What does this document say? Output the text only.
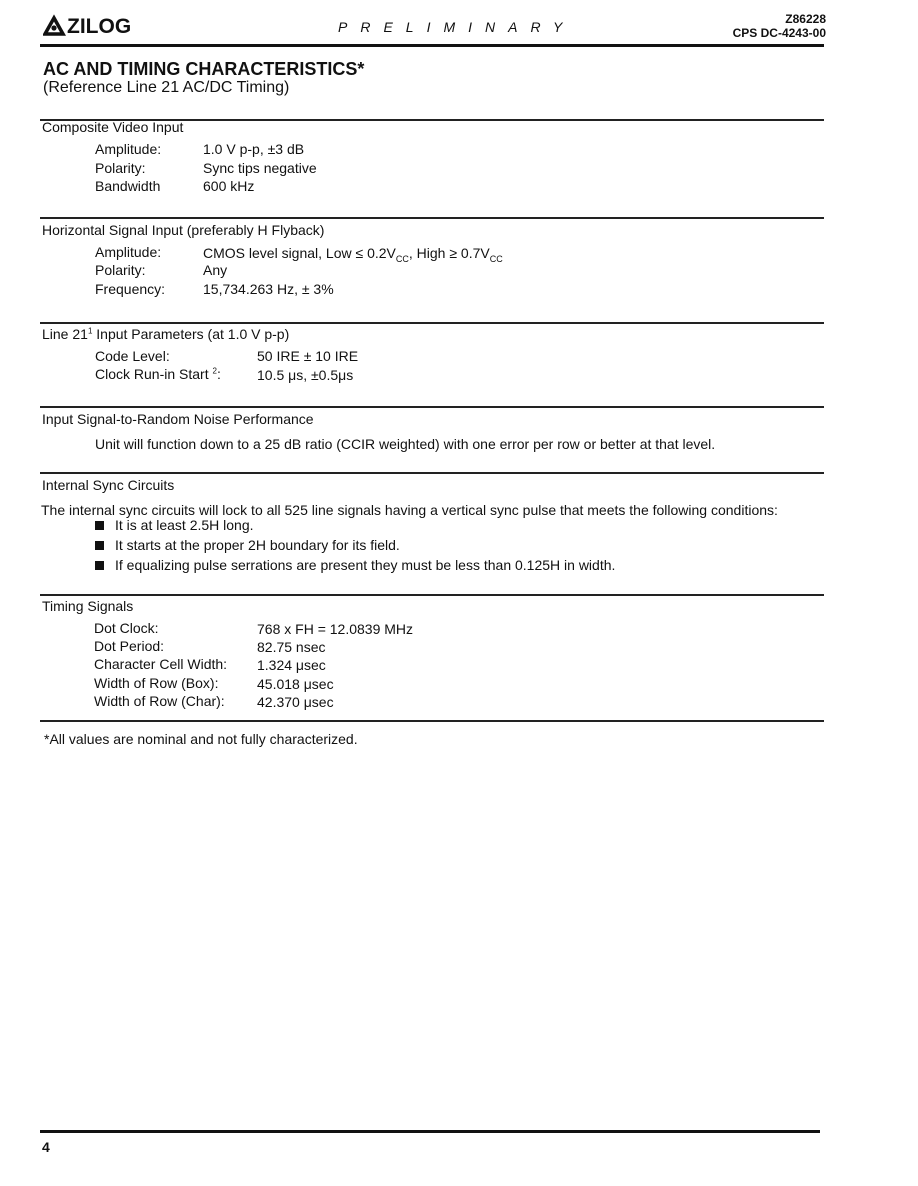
ZILOG	PRELIMINARY	Z86228
CPS DC-4243-00
AC AND TIMING CHARACTERISTICS*
(Reference Line 21 AC/DC Timing)
Composite Video Input
Amplitude:	1.0 V p-p, ±3 dB
Polarity:	Sync tips negative
Bandwidth	600 kHz
Horizontal Signal Input (preferably H Flyback)
Amplitude:	CMOS level signal, Low ≤ $0.2V_{CC}$, High ≥ $0.7V_{CC}$
Polarity:	Any
Frequency:	15,734.263 Hz, ± 3%
Line $21^1$ Input Parameters (at 1.0 V p-p)
Code Level:	50 IRE ± 10 IRE
Clock Run-in Start $^2$:	10.5 μs, ±0.5μs
Input Signal-to-Random Noise Performance
Unit will function down to a 25 dB ratio (CCIR weighted) with one error per row or better at that level.
Internal Sync Circuits
The internal sync circuits will lock to all 525 line signals having a vertical sync pulse that meets the following conditions:
It is at least 2.5H long.
It starts at the proper 2H boundary for its field.
If equalizing pulse serrations are present they must be less than 0.125H in width.
Timing Signals
Dot Clock:	768 x FH = 12.0839 MHz
Dot Period:	82.75 nsec
Character Cell Width: 1.324 μsec
Width of Row (Box):	45.018 μsec
Width of Row (Char): 42.370 μsec
*All values are nominal and not fully characterized.
4
